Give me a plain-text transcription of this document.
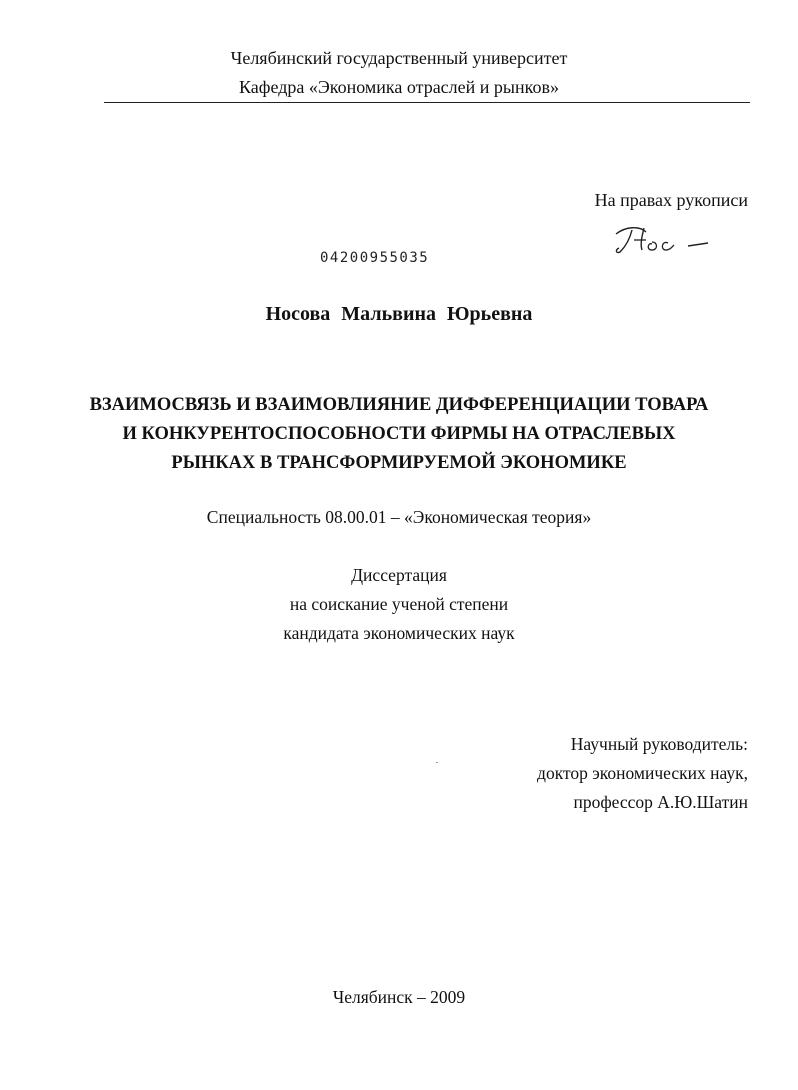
Челябинский государственный университет
Кафедра «Экономика отраслей и рынков»
На правах рукописи
04200955035
Носова Мальвина Юрьевна
ВЗАИМОСВЯЗЬ И ВЗАИМОВЛИЯНИЕ ДИФФЕРЕНЦИАЦИИ ТОВАРА
И КОНКУРЕНТОСПОСОБНОСТИ ФИРМЫ НА ОТРАСЛЕВЫХ
РЫНКАХ В ТРАНСФОРМИРУЕМОЙ ЭКОНОМИКЕ
Специальность 08.00.01 – «Экономическая теория»
Диссертация
на соискание ученой степени
кандидата экономических наук
Научный руководитель:
доктор экономических наук,
профессор А.Ю.Шатин
Челябинск – 2009
